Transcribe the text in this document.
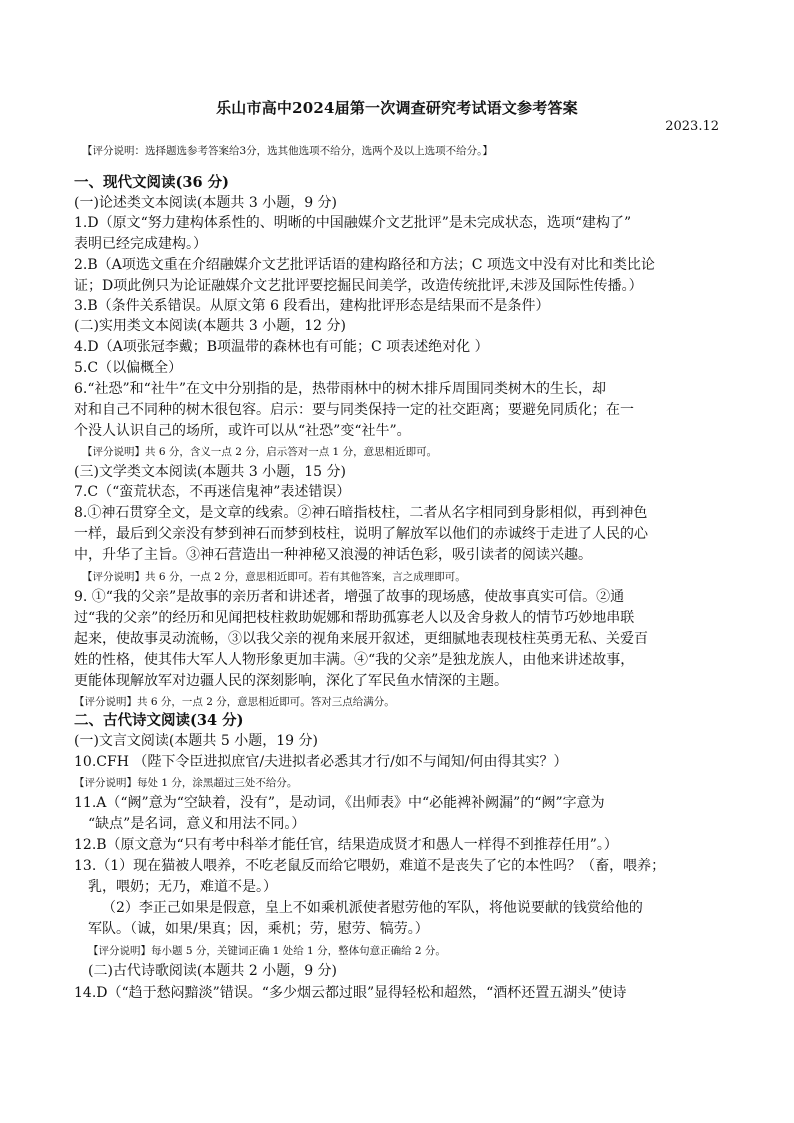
乐山市高中2024届第一次调查研究考试语文参考答案
2023.12
【评分说明：选择题选参考答案给3分，选其他选项不给分，选两个及以上选项不给分。】
一、现代文阅读(36 分)
(一)论述类文本阅读(本题共 3 小题，9 分)
1.D（原文“努力建构体系性的、明晰的中国融媒介文艺批评”是未完成状态，选项“建构了”
表明已经完成建构。）
2.B（A项选文重在介绍融媒介文艺批评话语的建构路径和方法；C 项选文中没有对比和类比论
证；D项此例只为论证融媒介文艺批评要挖掘民间美学，改造传统批评,未涉及国际性传播。）
3.B（条件关系错误。从原文第 6 段看出，建构批评形态是结果而不是条件）
(二)实用类文本阅读(本题共 3 小题，12 分)
4.D（A项张冠李戴；B项温带的森林也有可能；C 项表述绝对化 ）
5.C（以偏概全）
6.“社恐”和“社牛”在文中分别指的是，热带雨林中的树木排斥周围同类树木的生长，却
对和自己不同种的树木很包容。启示：要与同类保持一定的社交距离；要避免同质化；在一
个没人认识自己的场所，或许可以从“社恐”变“社牛”。
【评分说明】共 6 分，含义一点 2 分，启示答对一点 1 分，意思相近即可。
(三)文学类文本阅读(本题共 3 小题，15 分)
7.C（“蛮荒状态，不再迷信鬼神”表述错误）
8.①神石贯穿全文，是文章的线索。②神石暗指枝柱，二者从名字相同到身影相似，再到神色
一样，最后到父亲没有梦到神石而梦到枝柱，说明了解放军以他们的赤诚终于走进了人民的心
中，升华了主旨。③神石营造出一种神秘又浪漫的神话色彩，吸引读者的阅读兴趣。
【评分说明】共 6 分，一点 2 分，意思相近即可。若有其他答案，言之成理即可。
9. ①“我的父亲”是故事的亲历者和讲述者，增强了故事的现场感，使故事真实可信。②通
过“我的父亲”的经历和见闻把枝柱救助妮娜和帮助孤寡老人以及舍身救人的情节巧妙地串联
起来，使故事灵动流畅，③以我父亲的视角来展开叙述，更细腻地表现枝柱英勇无私、关爱百
姓的性格，使其伟大军人人物形象更加丰满。④“我的父亲”是独龙族人，由他来讲述故事，
更能体现解放军对边疆人民的深刻影响，深化了军民鱼水情深的主题。
【评分说明】共 6 分，一点 2 分，意思相近即可。答对三点给满分。
二、古代诗文阅读(34 分)
(一)文言文阅读(本题共 5 小题，19 分)
10.CFH （陛下令臣进拟庶官/夫进拟者必悉其才行/如不与闻知/何由得其实？）
【评分说明】每处 1 分，涂黑超过三处不给分。
11.A（“阙”意为“空缺着，没有”，是动词，《出师表》中“必能裨补阙漏”的“阙”字意为
“缺点”是名词，意义和用法不同。）
12.B（原文意为“只有考中科举才能任官，结果造成贤才和愚人一样得不到推荐任用”。）
13.（1）现在猫被人喂养，不吃老鼠反而给它喂奶，难道不是丧失了它的本性吗？（畜，喂养；
乳，喂奶；无乃，难道不是。）
（2）李正己如果是假意，皇上不如乘机派使者慰劳他的军队，将他说要献的钱赏给他的
军队。（诚，如果/果真；因，乘机；劳，慰劳、犒劳。）
【评分说明】每小题 5 分，关键词正确 1 处给 1 分，整体句意正确给 2 分。
(二)古代诗歌阅读(本题共 2 小题，9 分)
14.D（“趋于愁闷黯淡”错误。“多少烟云都过眼”显得轻松和超然，“酒杯还置五湖头”使诗
